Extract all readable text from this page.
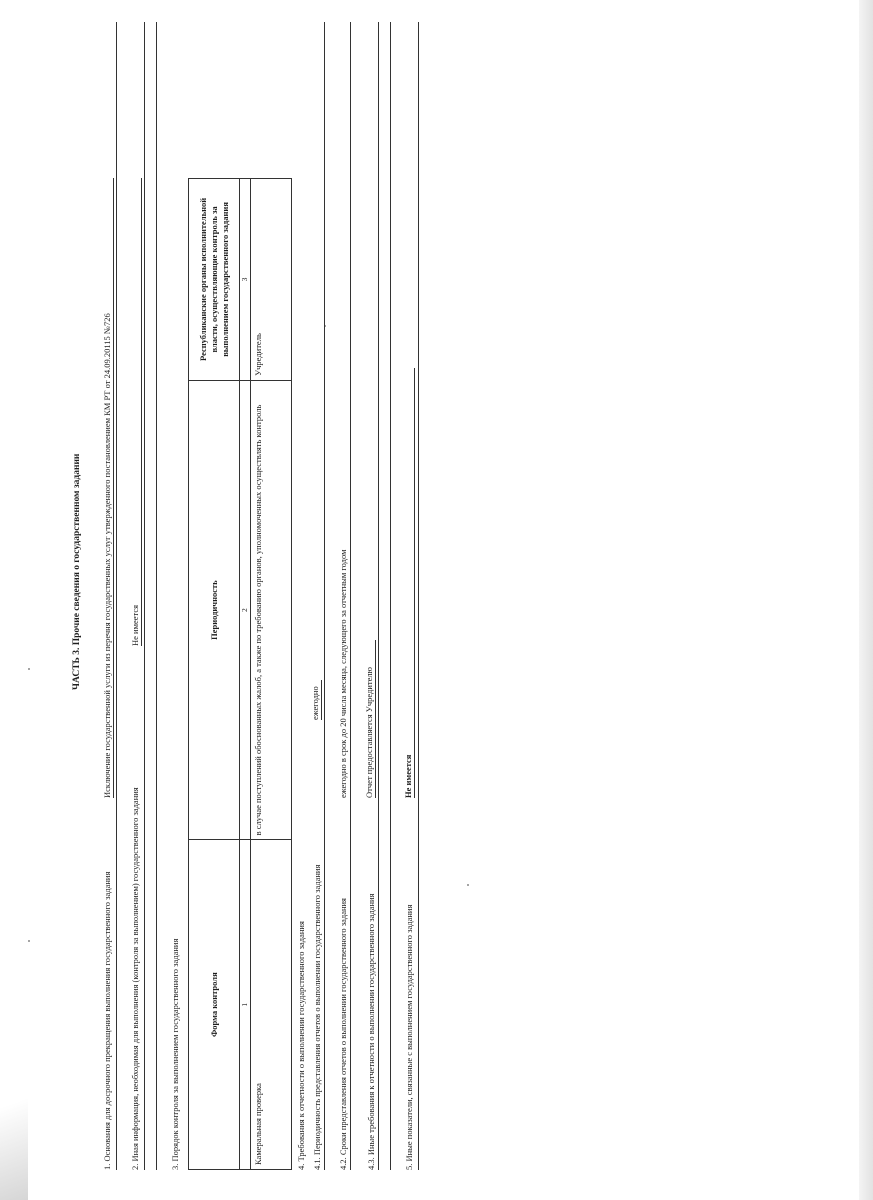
ЧАСТЬ 3. Прочие сведения о государственном задании
1. Основания для досрочного прекращения выполнения государственного задания
Исключение государственной услуги из перечня государственных услуг утвержденного постановлением КМ РТ от 24.09.20115 №726
2. Иная информация, необходимая для выполнения (контроля за выполнением) государственного задания
Не имеется
3. Порядок контроля за выполнением государственного задания	Форма контроля	Периодичность	Республиканские органы исполнительной власти, осуществляющие контроль за выполнением государственного задания
1	2	3
Камеральная проверка	в случае поступлений обоснованных жалоб, а также по требованию органов, уполномоченных осуществлять контроль	Учредитель
4. Требования к отчетности о выполнении государственного задания 4.1. Периодичность представления отчетов о выполнении государственного задания
ежегодно
4.2. Сроки представления отчетов о выполнении государственного задания
ежегодно в срок до 20 числа месяца, следующего за отчетным годом
4.3. Иные требования к отчетности о выполнении государственного задания
Отчет предоставляется Учредителю
5. Иные показатели, связанные с выполнением государственного задания
Не имеется
